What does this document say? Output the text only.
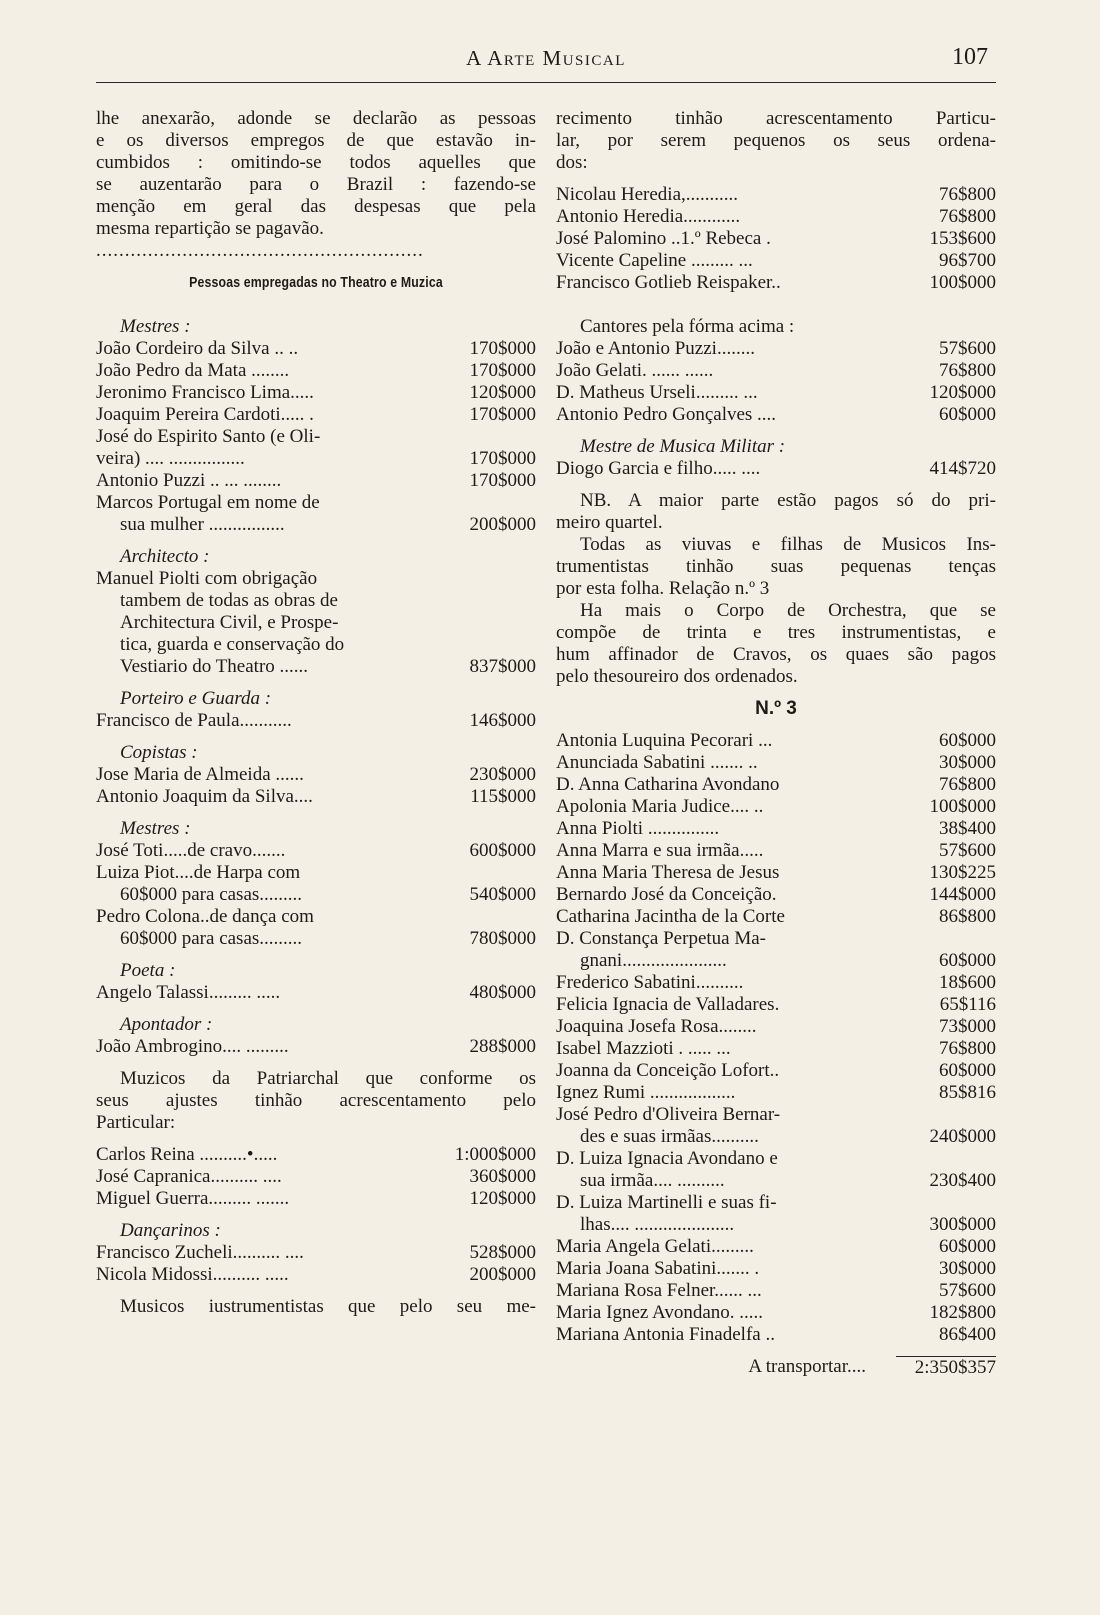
A Arte Musical	107
lhe anexarão, adonde se declarão as pessoas
e os diversos empregos de que estavão in-
cumbidos : omitindo-se todos aquelles que
se auzentarão para o Brazil : fazendo-se
menção em geral das despesas que pela
mesma repartição se pagavão.
.........................................................
Pessoas empregadas no Theatro e Muzica
Mestres :
João Cordeiro da Silva .. ..	170$000
João Pedro da Mata ........	170$000
Jeronimo Francisco Lima.....	120$000
Joaquim Pereira Cardoti..... .	170$000
José do Espirito Santo (e Oli-
veira) .... ................	170$000
Antonio Puzzi .. ... ........	170$000
Marcos Portugal em nome de
sua mulher ................	200$000
Architecto :
Manuel Piolti com obrigação
tambem de todas as obras de
Architectura Civil, e Prospe-
tica, guarda e conservação do
Vestiario do Theatro ......	837$000
Porteiro e Guarda :
Francisco de Paula...........	146$000
Copistas :
Jose Maria de Almeida ......	230$000
Antonio Joaquim da Silva....	115$000
Mestres :
José Toti.....de cravo.......	600$000
Luiza Piot....de Harpa com
60$000 para casas.........	540$000
Pedro Colona..de dança com
60$000 para casas.........	780$000
Poeta :
Angelo Talassi......... .....	480$000
Apontador :
João Ambrogino.... .........	288$000
Muzicos da Patriarchal que conforme os
seus ajustes tinhão acrescentamento pelo
Particular:
Carlos Reina ..........•.....	1:000$000
José Capranica.......... ....	360$000
Miguel Guerra......... .......	120$000
Dançarinos :
Francisco Zucheli.......... ....	528$000
Nicola Midossi.......... .....	200$000
Musicos iustrumentistas que pelo seu me-
recimento tinhão acrescentamento Particu-
lar, por serem pequenos os seus ordena-
dos:
Nicolau Heredia,...........	76$800
Antonio Heredia............	76$800
José Palomino ..1.º Rebeca .	153$600
Vicente Capeline ......... ...	96$700
Francisco Gotlieb Reispaker..	100$000
Cantores pela fórma acima :
João e Antonio Puzzi........	57$600
João Gelati. ...... ......	76$800
D. Matheus Urseli......... ...	120$000
Antonio Pedro Gonçalves ....	60$000
Mestre de Musica Militar :
Diogo Garcia e filho..... ....	414$720
NB. A maior parte estão pagos só do pri-
meiro quartel.
Todas as viuvas e filhas de Musicos Ins-
trumentistas tinhão suas pequenas tenças
por esta folha. Relação n.º 3
Ha mais o Corpo de Orchestra, que se
compõe de trinta e tres instrumentistas, e
hum affinador de Cravos, os quaes são pagos
pelo thesoureiro dos ordenados.
N.º 3
Antonia Luquina Pecorari ...	60$000
Anunciada Sabatini ....... ..	30$000
D. Anna Catharina Avondano	76$800
Apolonia Maria Judice.... ..	100$000
Anna Piolti ...............	38$400
Anna Marra e sua irmãa.....	57$600
Anna Maria Theresa de Jesus	130$225
Bernardo José da Conceição.	144$000
Catharina Jacintha de la Corte	86$800
D. Constança Perpetua Ma-
gnani......................	60$000
Frederico Sabatini..........	18$600
Felicia Ignacia de Valladares.	65$116
Joaquina Josefa Rosa........	73$000
Isabel Mazzioti . ..... ...	76$800
Joanna da Conceição Lofort..	60$000
Ignez Rumi ..................	85$816
José Pedro d'Oliveira Bernar-
des e suas irmãas..........	240$000
D. Luiza Ignacia Avondano e
sua irmãa.... ..........	230$400
D. Luiza Martinelli e suas fi-
lhas.... .....................	300$000
Maria Angela Gelati.........	60$000
Maria Joana Sabatini....... .	30$000
Mariana Rosa Felner...... ...	57$600
Maria Ignez Avondano. .....	182$800
Mariana Antonia Finadelfa ..	86$400
A transportar....	2:350$357
